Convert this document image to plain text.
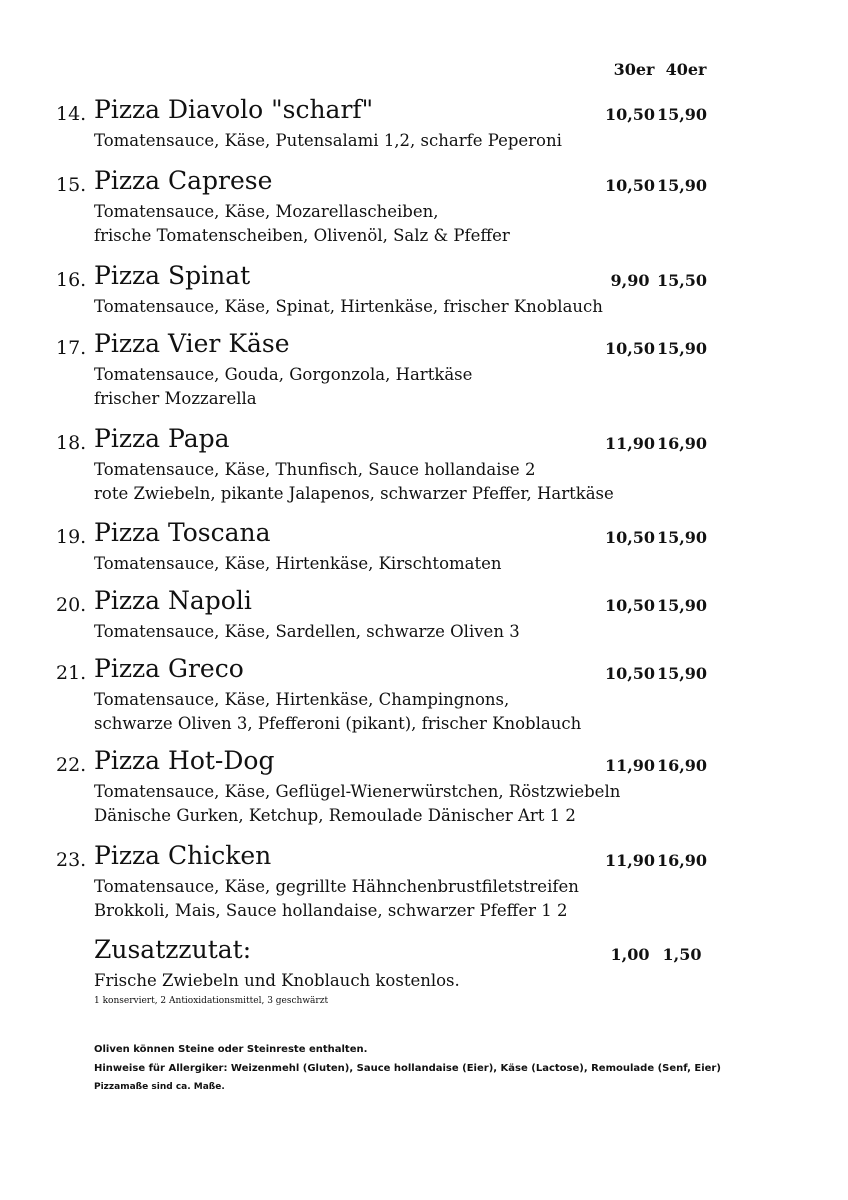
30er 40er
14. Pizza Diavolo "scharf"
Tomatensauce, Käse, Putensalami 1,2, scharfe Peperoni
10,50 15,90
15. Pizza Caprese
Tomatensauce, Käse, Mozarellascheiben,
frische Tomatenscheiben, Olivenöl, Salz & Pfeffer
10,50 15,90
16. Pizza Spinat
Tomatensauce, Käse, Spinat, Hirtenkäse, frischer Knoblauch
9,90 15,50
17. Pizza Vier Käse
Tomatensauce, Gouda, Gorgonzola, Hartkäse
frischer Mozzarella
10,50 15,90
18. Pizza Papa
Tomatensauce, Käse, Thunfisch, Sauce hollandaise 2
rote Zwiebeln, pikante Jalapenos, schwarzer Pfeffer, Hartkäse
11,90 16,90
19. Pizza Toscana
Tomatensauce, Käse, Hirtenkäse, Kirschtomaten
10,50 15,90
20. Pizza Napoli
Tomatensauce, Käse, Sardellen, schwarze Oliven 3
10,50 15,90
21. Pizza Greco
Tomatensauce, Käse, Hirtenkäse, Champingnons,
schwarze Oliven 3, Pfefferoni (pikant), frischer Knoblauch
10,50 15,90
22. Pizza Hot-Dog
Tomatensauce, Käse, Geflügel-Wienerwürstchen, Röstzwiebeln
Dänische Gurken, Ketchup, Remoulade Dänischer Art 1 2
11,90 16,90
23. Pizza Chicken
Tomatensauce, Käse, gegrillte Hähnchenbrustfiletstreifen
Brokkoli, Mais, Sauce hollandaise, schwarzer Pfeffer 1 2
11,90 16,90
Zusatzzutat:
Frische Zwiebeln und Knoblauch kostenlos.
1,00 1,50
1 konserviert, 2 Antioxidationsmittel, 3 geschwärzt
Oliven können Steine oder Steinreste enthalten.
Hinweise für Allergiker: Weizenmehl (Gluten), Sauce hollandaise (Eier), Käse (Lactose), Remoulade (Senf, Eier)
Pizzamaße sind ca. Maße.
